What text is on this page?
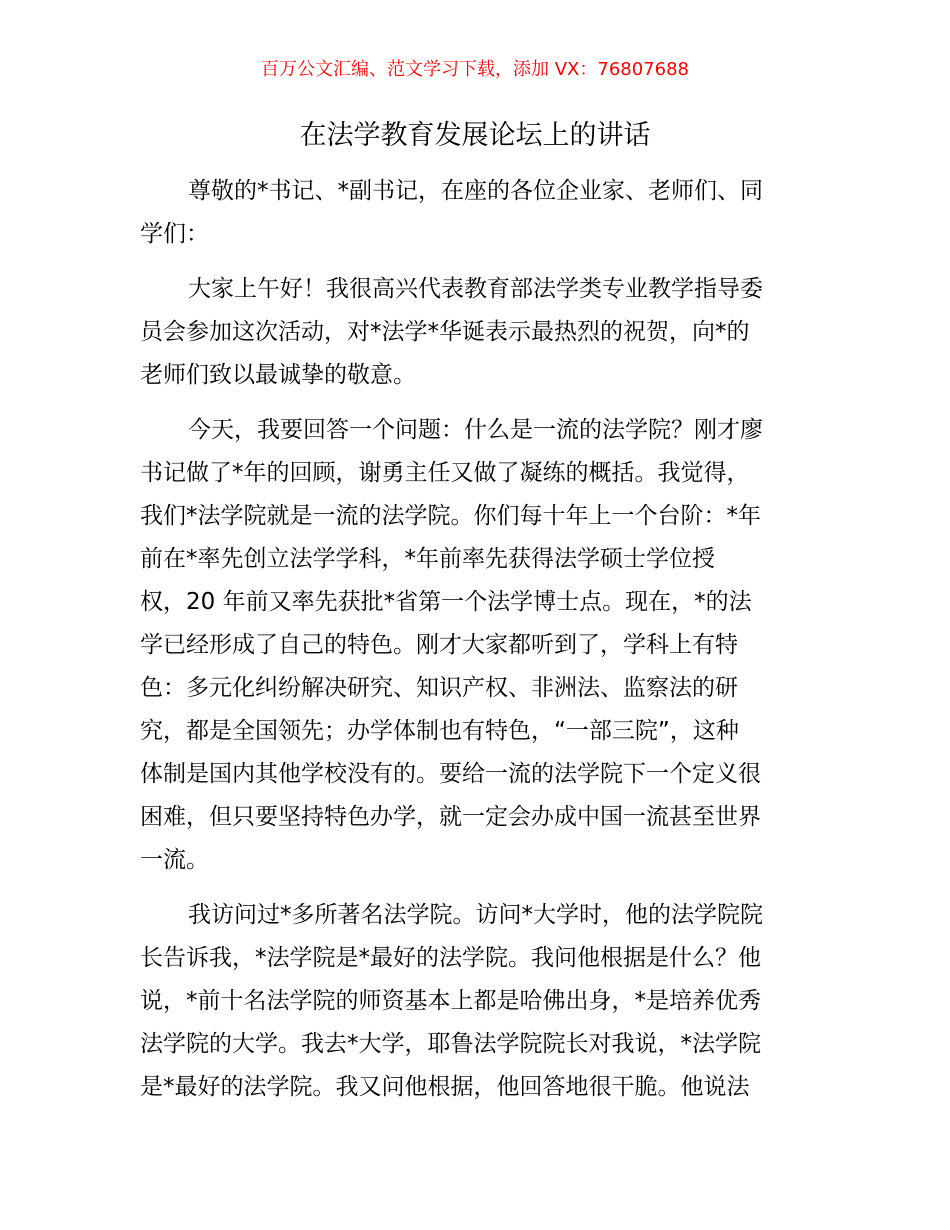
百万公文汇编、范文学习下载，添加 VX：76807688
在法学教育发展论坛上的讲话
尊敬的*书记、*副书记，在座的各位企业家、老师们、同
学们：
大家上午好！我很高兴代表教育部法学类专业教学指导委
员会参加这次活动，对*法学*华诞表示最热烈的祝贺，向*的
老师们致以最诚挚的敬意。
今天，我要回答一个问题：什么是一流的法学院？刚才廖
书记做了*年的回顾，谢勇主任又做了凝练的概括。我觉得，
我们*法学院就是一流的法学院。你们每十年上一个台阶：*年
前在*率先创立法学学科，*年前率先获得法学硕士学位授
权，20 年前又率先获批*省第一个法学博士点。现在，*的法
学已经形成了自己的特色。刚才大家都听到了，学科上有特
色：多元化纠纷解决研究、知识产权、非洲法、监察法的研
究，都是全国领先；办学体制也有特色，“一部三院”，这种
体制是国内其他学校没有的。要给一流的法学院下一个定义很
困难，但只要坚持特色办学，就一定会办成中国一流甚至世界
一流。
我访问过*多所著名法学院。访问*大学时，他的法学院院
长告诉我，*法学院是*最好的法学院。我问他根据是什么？他
说，*前十名法学院的师资基本上都是哈佛出身，*是培养优秀
法学院的大学。我去*大学，耶鲁法学院院长对我说，*法学院
是*最好的法学院。我又问他根据，他回答地很干脆。他说法
